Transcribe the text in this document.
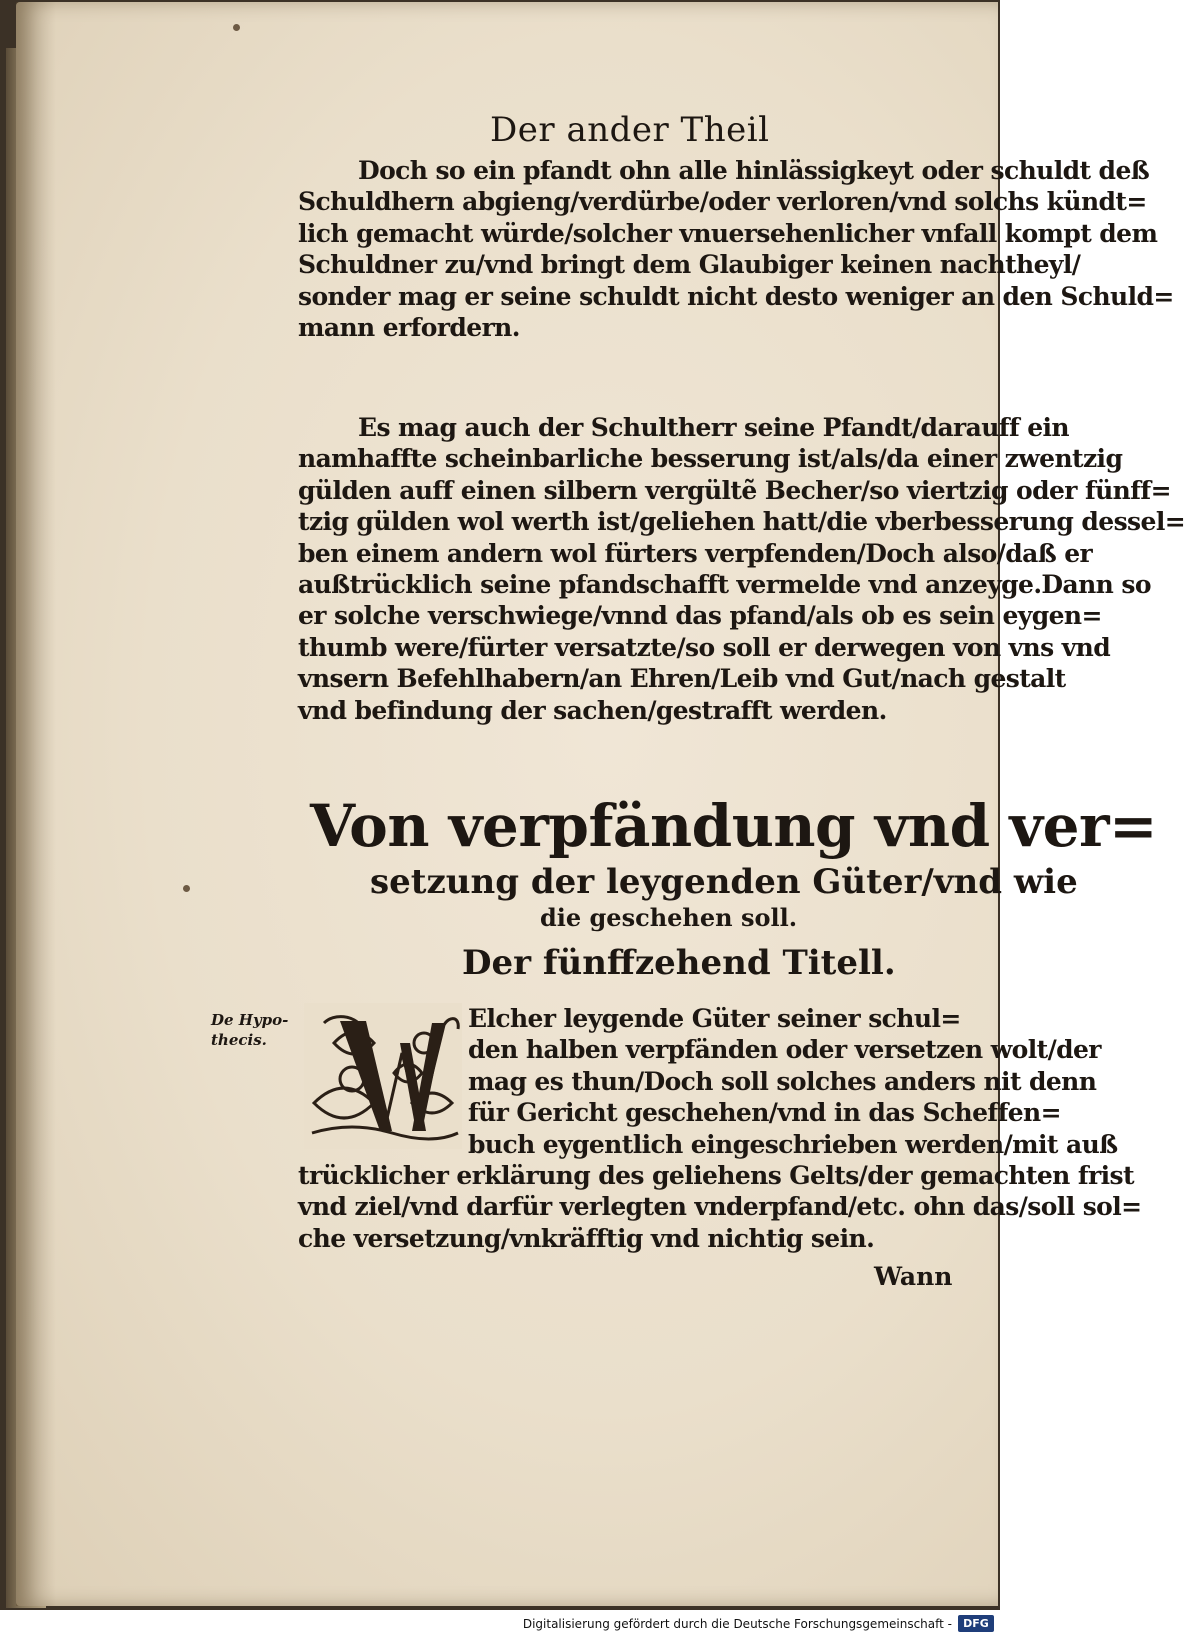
Der ander Theil
Doch so ein pfandt ohn alle hinlässigkeyt oder schuldt deß
Schuldhern abgieng/verdürbe/oder verloren/vnd solchs kündt=
lich gemacht würde/solcher vnuersehenlicher vnfall kompt dem
Schuldner zu/vnd bringt dem Glaubiger keinen nachtheyl/
sonder mag er seine schuldt nicht desto weniger an den Schuld=
mann erfordern.
Es mag auch der Schultherr seine Pfandt/darauff ein
namhaffte scheinbarliche besserung ist/als/da einer zwentzig
gülden auff einen silbern vergültẽ Becher/so viertzig oder fünff=
tzig gülden wol werth ist/geliehen hatt/die vberbesserung dessel=
ben einem andern wol fürters verpfenden/Doch also/daß er
außtrücklich seine pfandschafft vermelde vnd anzeyge.Dann so
er solche verschwiege/vnnd das pfand/als ob es sein eygen=
thumb were/fürter versatzte/so soll er derwegen von vns vnd
vnsern Befehlhabern/an Ehren/Leib vnd Gut/nach gestalt
vnd befindung der sachen/gestrafft werden.
Von verpfändung vnd ver=
setzung der leygenden Güter/vnd wie
die geschehen soll.
Der fünffzehend Titell.
De Hypo-thecis.
Elcher leygende Güter seiner schul=
den halben verpfänden oder versetzen wolt/der
mag es thun/Doch soll solches anders nit denn
für Gericht geschehen/vnd in das Scheffen=
buch eygentlich eingeschrieben werden/mit auß
trücklicher erklärung des geliehens Gelts/der gemachten frist
vnd ziel/vnd darfür verlegten vnderpfand/etc. ohn das/soll sol=
che versetzung/vnkräfftig vnd nichtig sein.
Wann
Digitalisierung gefördert durch die Deutsche Forschungsgemeinschaft -	DFG
